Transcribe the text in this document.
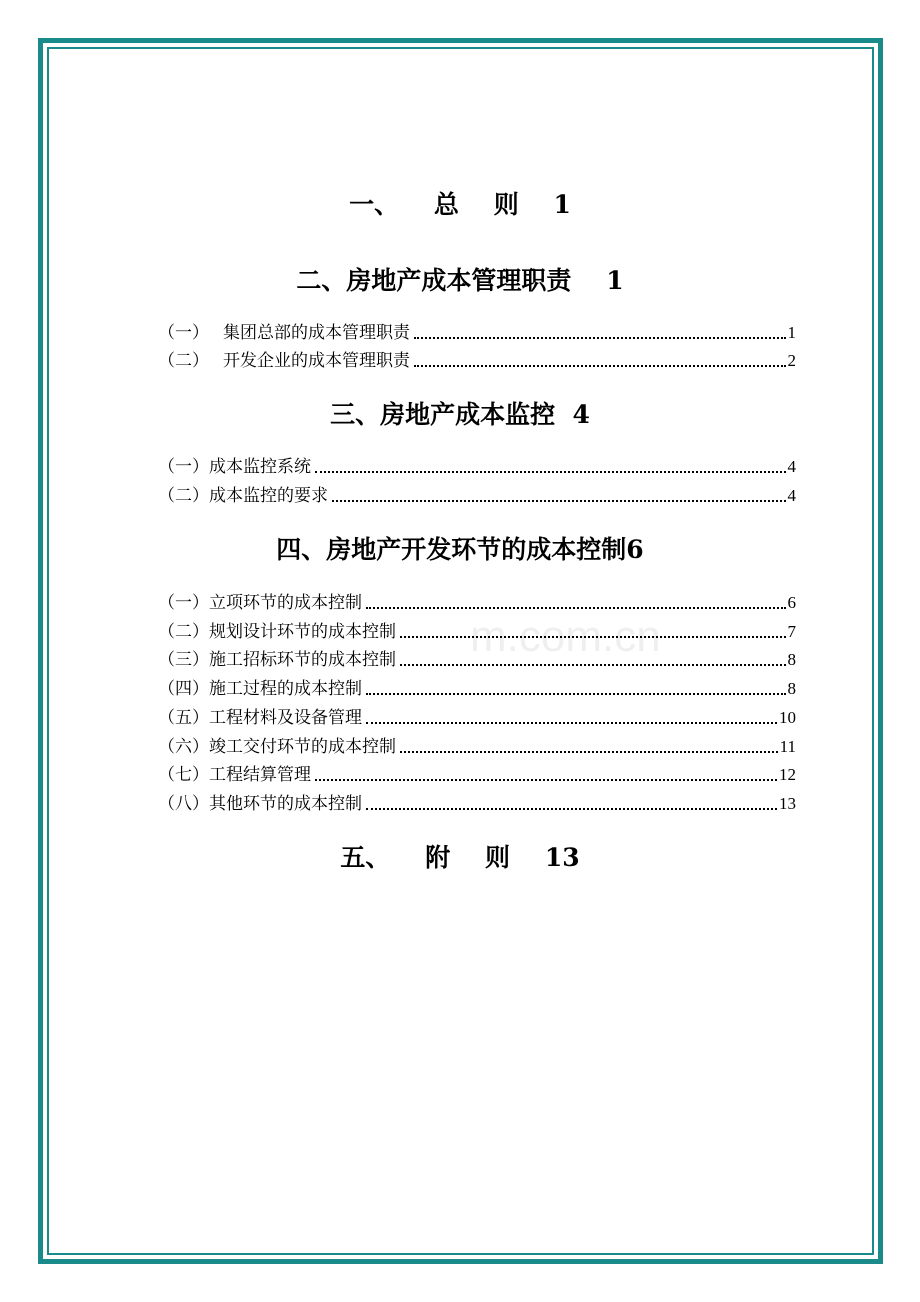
m.com.cn
一、    总    则    1
二、房地产成本管理职责    1
（一） 集团总部的成本管理职责	1
（二） 开发企业的成本管理职责	2
三、房地产成本监控  4
（一） 成本监控系统	4
（二） 成本监控的要求	4
四、房地产开发环节的成本控制6
（一） 立项环节的成本控制	6
（二） 规划设计环节的成本控制	7
（三） 施工招标环节的成本控制	8
（四） 施工过程的成本控制	8
（五） 工程材料及设备管理	10
（六） 竣工交付环节的成本控制	11
（七） 工程结算管理	12
（八） 其他环节的成本控制	13
五、    附    则    13
